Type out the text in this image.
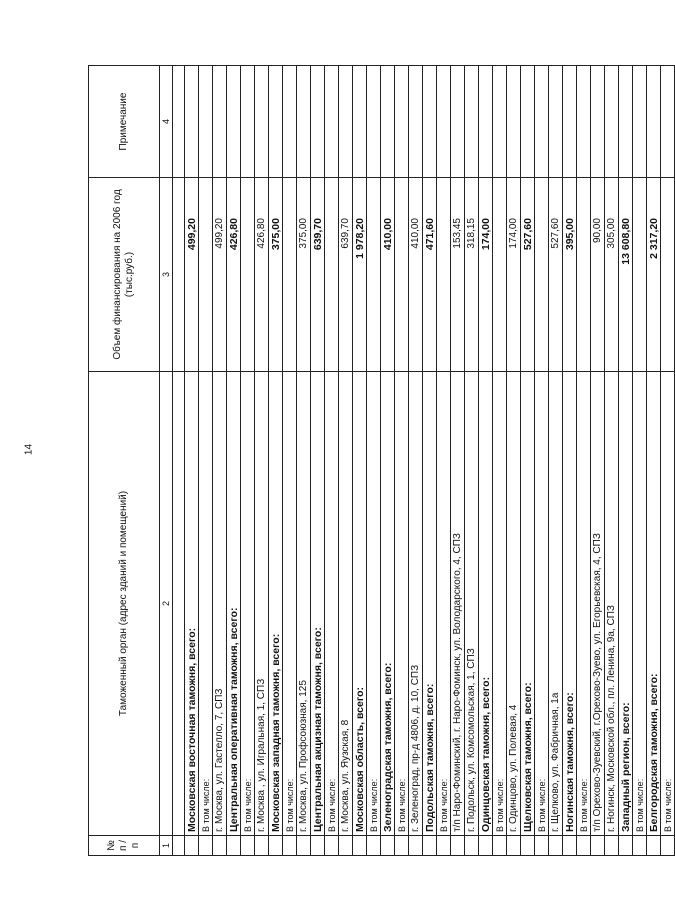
14
№ п / п	Таможенный орган (адрес зданий и помещений)	Объем финансирования на 2006 год (тыс.руб.)	Примечание
1	2	3	4

	Московская восточная таможня, всего:	499,20	
	В том числе:		
	г. Москва, ул. Гастелло, 7, СПЗ	499,20	
	Центральная оперативная таможня, всего:	426,80	
	В том числе:		
	г. Москва , ул. Игральная, 1, СПЗ	426,80	
	Московская западная таможня, всего:	375,00	
	В том числе:		
	г. Москва, ул. Профсоюзная, 125	375,00	
	Центральная акцизная таможня, всего:	639,70	
	В том числе:		
	г. Москва, ул. Яузская, 8	639,70	
	Московская область, всего:	1 978,20	
	В том числе:		
	Зеленоградская таможня, всего:	410,00	
	В том числе:		
	г. Зеленоград, пр-д 4806, д. 10, СПЗ	410,00	
	Подольская таможня, всего:	471,60	
	В том числе:		
	т/п Наро-Фоминский, г. Наро-Фоминск, ул. Володарского, 4, СПЗ	153,45	
	г. Подольск, ул. Комсомольская, 1, СПЗ	318,15	
	Одинцовская таможня, всего:	174,00	
	В том числе:		
	г. Одинцово, ул. Полевая, 4	174,00	
	Щелковская таможня, всего:	527,60	
	В том числе:		
	г. Щелково, ул. Фабричная, 1а	527,60	
	Ногинская таможня, всего:	395,00	
	В том числе:		
	т/п Орехово-Зуевский, г.Орехово-Зуево, ул. Егорьевская, 4, СПЗ	90,00	
	г. Ногинск, Московской обл., пл. Ленина, 9а, СПЗ	305,00	
	Западный регион, всего:	13 608,80	
	В том числе:		
	Белгородская таможня, всего:	2 317,20	
	В том числе:		
